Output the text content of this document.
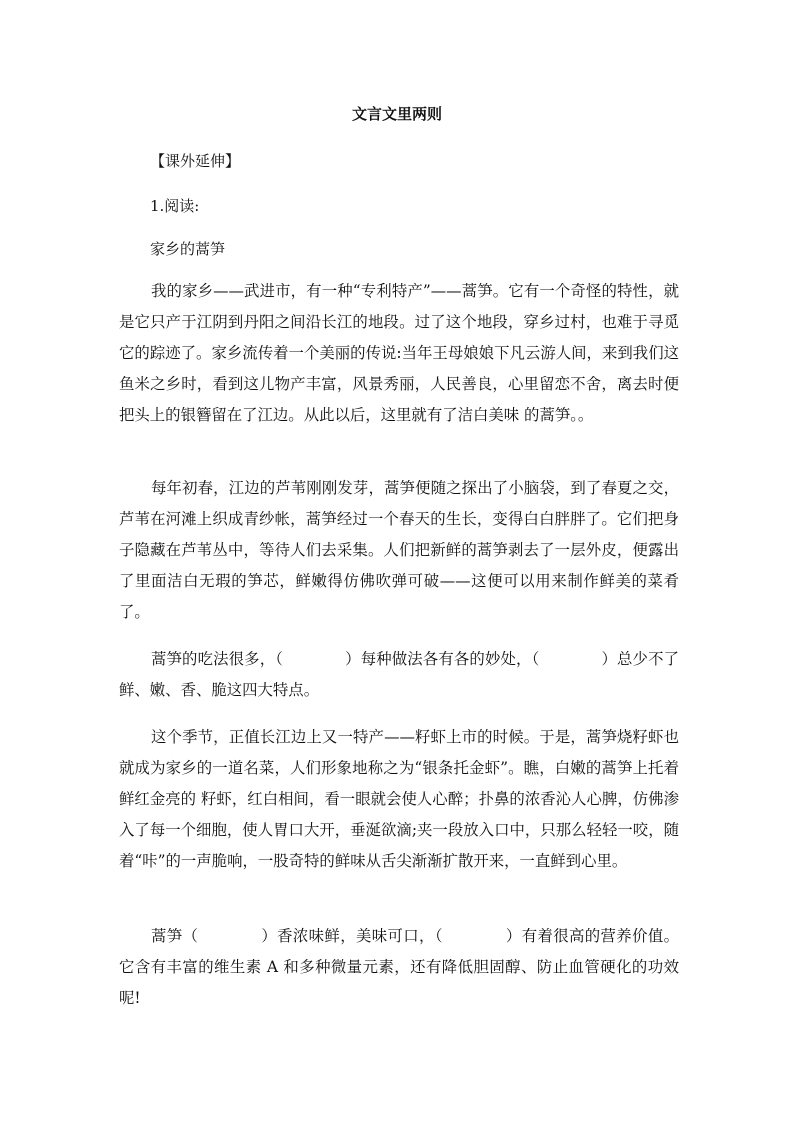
文言文里两则
【课外延伸】
1.阅读:
家乡的蒿笋
我的家乡——武进市，有一种“专利特产”——蒿笋。它有一个奇怪的特性，就是它只产于江阴到丹阳之间沿长江的地段。过了这个地段，穿乡过村，也难于寻觅它的踪迹了。家乡流传着一个美丽的传说:当年王母娘娘下凡云游人间，来到我们这鱼米之乡时，看到这儿物产丰富，风景秀丽，人民善良，心里留恋不舍，离去时便把头上的银簪留在了江边。从此以后，这里就有了洁白美味 的蒿笋。。
每年初春，江边的芦苇刚刚发芽，蒿笋便随之探出了小脑袋，到了春夏之交，芦苇在河滩上织成青纱帐，蒿笋经过一个春天的生长，变得白白胖胖了。它们把身子隐藏在芦苇丛中，等待人们去采集。人们把新鲜的蒿笋剥去了一层外皮，便露出了里面洁白无瑕的笋芯，鲜嫩得仿佛吹弹可破——这便可以用来制作鲜美的菜肴了。
蒿笋的吃法很多，（　　　　）每种做法各有各的妙处，（　　　　）总少不了鲜、嫩、香、脆这四大特点。
这个季节，正值长江边上又一特产——籽虾上市的时候。于是，蒿笋烧籽虾也就成为家乡的一道名菜，人们形象地称之为“银条托金虾”。瞧，白嫩的蒿笋上托着鲜红金亮的 籽虾，红白相间，看一眼就会使人心醉；扑鼻的浓香沁人心脾，仿佛渗入了每一个细胞，使人胃口大开，垂涎欲滴;夹一段放入口中，只那么轻轻一咬，随着“咔”的一声脆响，一股奇特的鲜味从舌尖渐渐扩散开来，一直鲜到心里。
蒿笋（　　　　）香浓味鲜，美味可口，（　　　　）有着很高的营养价值。它含有丰富的维生素 A 和多种微量元素，还有降低胆固醇、防止血管硬化的功效呢!
